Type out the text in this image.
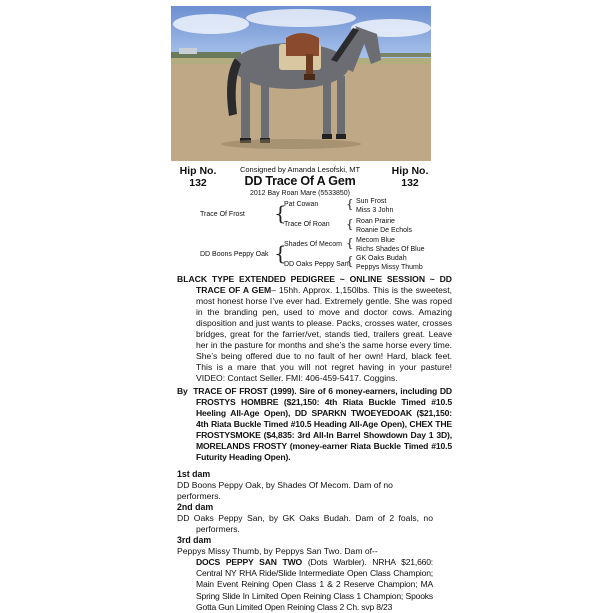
Hip No.
132
Hip No.
132
Consigned by Amanda Lesofski, MT
DD Trace Of A Gem
2012 Bay Roan Mare (5533850)
Trace Of Frost {
Pat Cowan
Trace Of Roan
{ Sun Frost
Miss 3 John
{ Roan Prairie
Roanie De Echols
DD Boons Peppy Oak {
Shades Of Mecom
DD Oaks Peppy San
{ Mecom Blue
Richs Shades Of Blue
{ GK Oaks Budah
Peppys Missy Thumb
BLACK TYPE EXTENDED PEDIGREE ~ ONLINE SESSION ~ DD TRACE OF A GEM– 15hh. Approx. 1,150lbs. This is the sweetest, most honest horse I’ve ever had. Extremely gentle. She was roped in the branding pen, used to move and doctor cows. Amazing disposition and just wants to please. Packs, crosses water, crosses bridges, great for the farrier/vet, stands tied, trailers great. Leave her in the pasture for months and she’s the same horse every time. She’s being offered due to no fault of her own! Hard, black feet. This is a mare that you will not regret having in your pasture! VIDEO: Contact Seller. FMI: 406-459-5417. Coggins.
By TRACE OF FROST (1999). Sire of 6 money-earners, including DD FROSTYS HOMBRE ($21,150: 4th Riata Buckle Timed #10.5 Heeling All-Age Open), DD SPARKN TWOEYEDOAK ($21,150: 4th Riata Buckle Timed #10.5 Heading All-Age Open), CHEX THE FROSTYSMOKE ($4,835: 3rd All-In Barrel Showdown Day 1 3D), MORELANDS FROSTY (money-earner Riata Buckle Timed #10.5 Futurity Heading Open).
1st dam
DD Boons Peppy Oak, by Shades Of Mecom. Dam of no performers.
2nd dam
DD Oaks Peppy San, by GK Oaks Budah. Dam of 2 foals, no performers.
3rd dam
Peppys Missy Thumb, by Peppys San Two. Dam of--
DOCS PEPPY SAN TWO (Dots Warbler). NRHA $21,660: Central NY RHA Ride/Slide Intermediate Open Class Champion; Main Event Reining Open Class 1 & 2 Reserve Champion; MA Spring Slide In Limited Open Reining Class 1 Champion; Spooks Gotta Gun Limited Open Reining Class 2 Ch. svp 8/23
